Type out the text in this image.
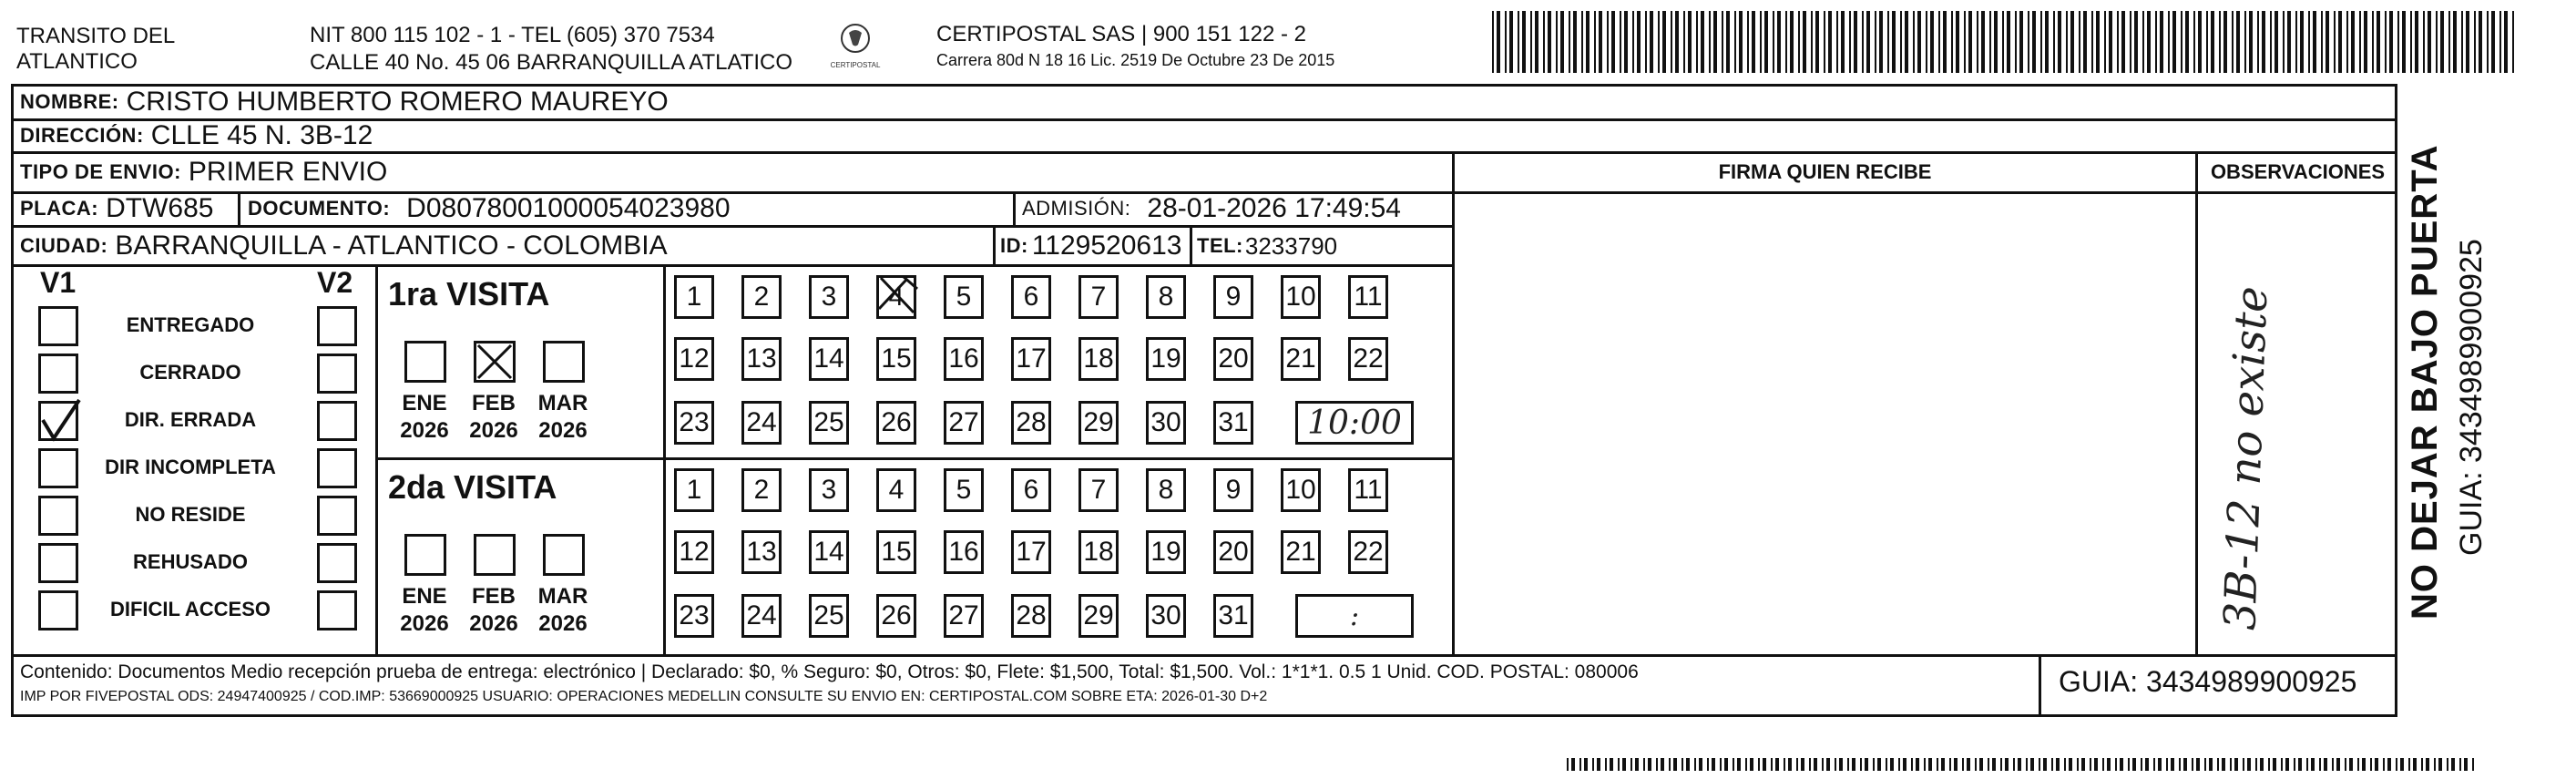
TRANSITO DEL
ATLANTICO
NIT 800 115 102 - 1 - TEL (605) 370 7534
CALLE 40 No. 45 06 BARRANQUILLA ATLATICO	CERTIPOSTAL
CERTIPOSTAL SAS | 900 151 122 - 2
Carrera 80d N 18 16 Lic. 2519 De Octubre 23 De 2015
NOMBRE: CRISTO HUMBERTO ROMERO MAUREYO
DIRECCIÓN: CLLE 45 N. 3B-12
TIPO DE ENVIO: PRIMER ENVIO
PLACA: DTW685 DOCUMENTO: D08078001000054023980	ADMISIÓN: 28-01-2026 17:49:54
CIUDAD: BARRANQUILLA - ATLANTICO - COLOMBIA	ID: 1129520613 TEL: 3233790
FIRMA QUIEN RECIBE	OBSERVACIONES
3B-12 no existe
V1	V2
ENTREGADO
CERRADO
DIR. ERRADA
DIR INCOMPLETA
NO RESIDE
REHUSADO
DIFICIL ACCESO
1ra VISITA
ENE
2026
FEB
2026
MAR
2026
1	2	3	4	5	6	7	8	9	10 11
12 13 14 15 16 17 18 19 20 21 22
23 24 25 26 27 28 29 30 31 10:00
2da VISITA
ENE
2026
FEB
2026
MAR
2026
1	2	3	4	5	6	7	8	9	10 11
12 13 14 15 16 17 18 19 20 21 22
23 24 25 26 27 28 29 30 31	:
Contenido: Documentos Medio recepción prueba de entrega: electrónico | Declarado: $0, % Seguro: $0, Otros: $0, Flete: $1,500, Total: $1,500. Vol.: 1*1*1. 0.5 1 Unid. COD. POSTAL: 080006
IMP POR FIVEPOSTAL ODS: 24947400925 / COD.IMP: 53669000925 USUARIO: OPERACIONES MEDELLIN CONSULTE SU ENVIO EN: CERTIPOSTAL.COM SOBRE ETA: 2026-01-30 D+2	GUIA: 3434989900925
NO DEJAR BAJO PUERTA GUIA: 3434989900925
